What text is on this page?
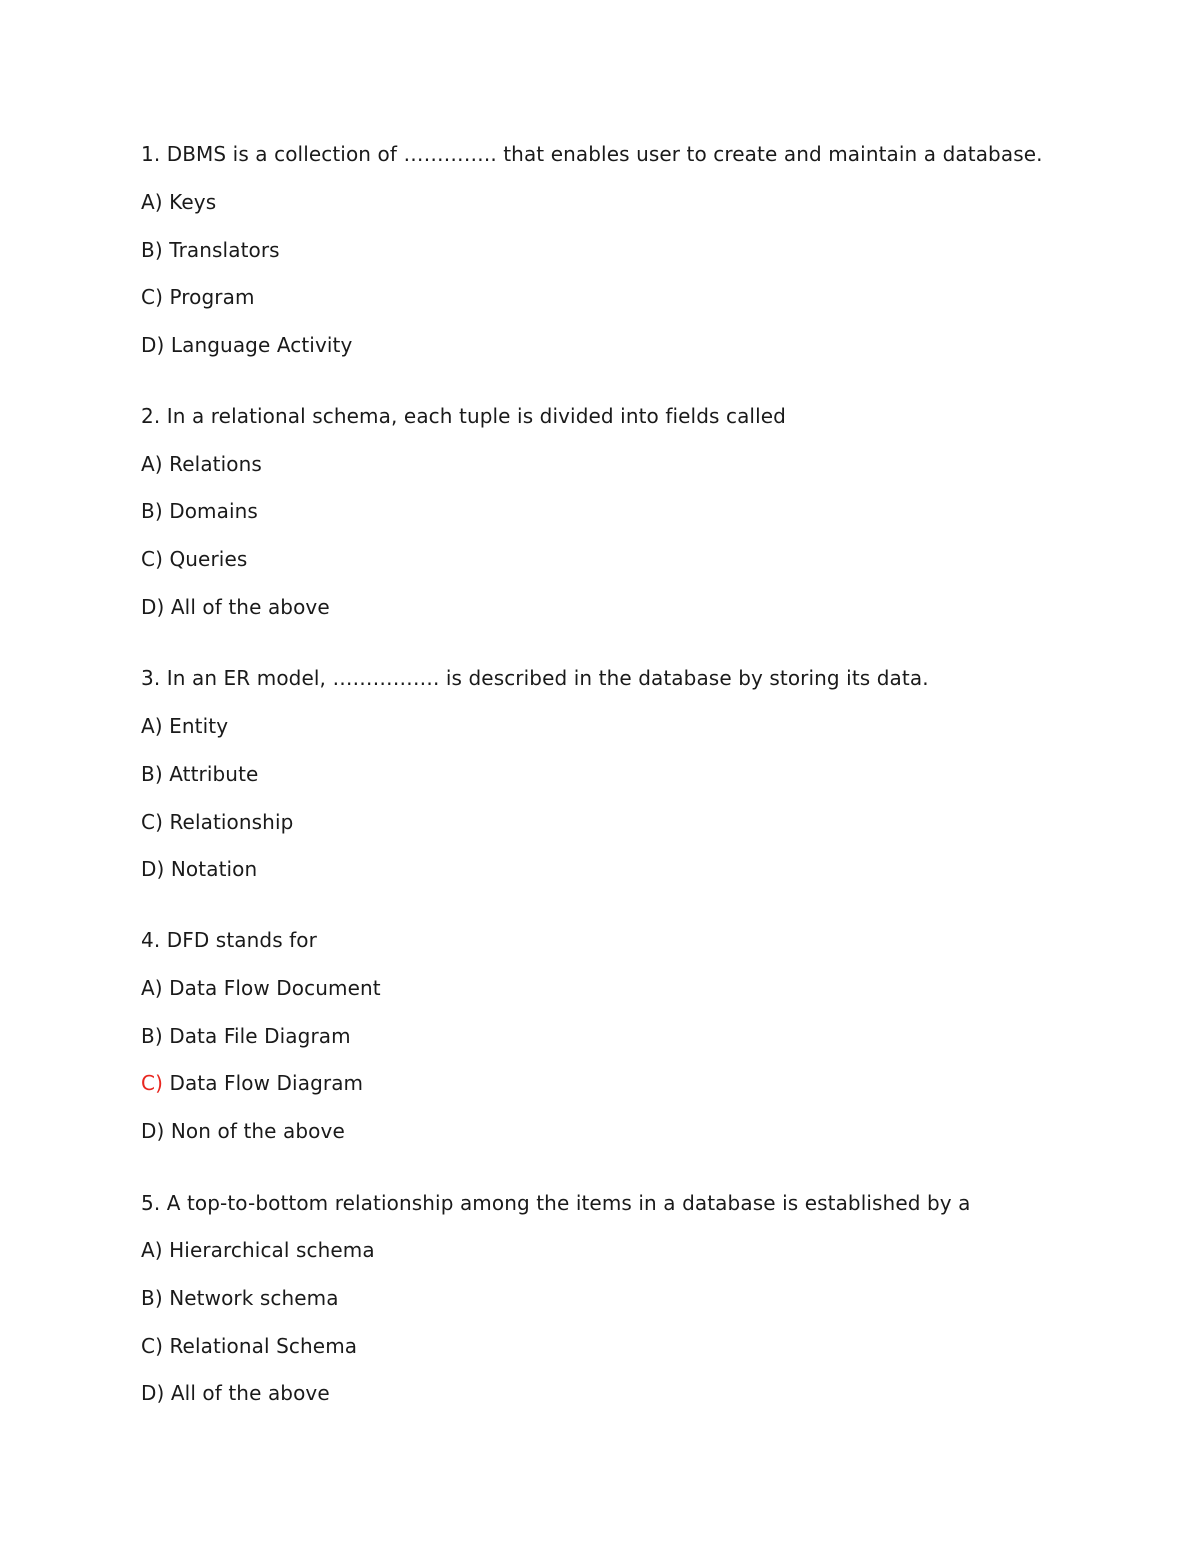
1. DBMS is a collection of ………….. that enables user to create and maintain a database.
A) Keys
B) Translators
C) Program
D) Language Activity
2. In a relational schema, each tuple is divided into fields called
A) Relations
B) Domains
C) Queries
D) All of the above
3. In an ER model, ……………. is described in the database by storing its data.
A) Entity
B) Attribute
C) Relationship
D) Notation
4. DFD stands for
A) Data Flow Document
B) Data File Diagram
C) Data Flow Diagram
D) Non of the above
5. A top-to-bottom relationship among the items in a database is established by a
A) Hierarchical schema
B) Network schema
C) Relational Schema
D) All of the above
